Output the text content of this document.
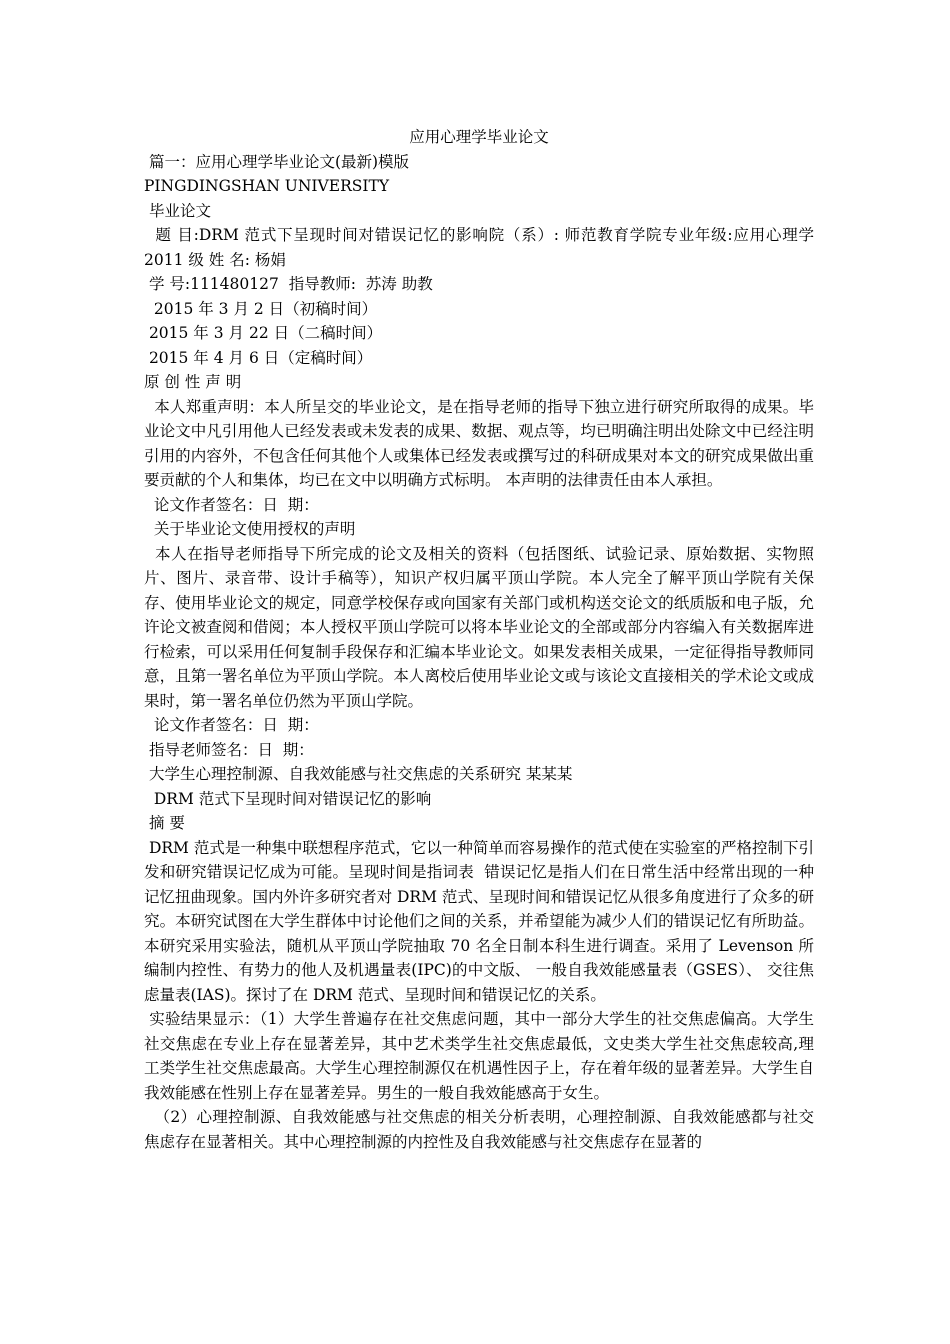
应用心理学毕业论文

篇一：应用心理学毕业论文(最新)模版

PINGDINGSHAN UNIVERSITY

毕业论文

题 目:DRM 范式下呈现时间对错误记忆的影响院（系）: 师范教育学院专业年级:应用心理学 2011 级 姓 名: 杨娟

学 号:111480127  指导教师:  苏涛 助教

2015 年 3 月 2 日（初稿时间）

2015 年 3 月 22 日（二稿时间）

2015 年 4 月 6 日（定稿时间）

原 创 性 声 明

本人郑重声明：本人所呈交的毕业论文，是在指导老师的指导下独立进行研究所取得的成果。毕业论文中凡引用他人已经发表或未发表的成果、数据、观点等，均已明确注明出处除文中已经注明引用的内容外，不包含任何其他个人或集体已经发表或撰写过的科研成果对本文的研究成果做出重要贡献的个人和集体，均已在文中以明确方式标明。 本声明的法律责任由本人承担。

论文作者签名：日  期：

关于毕业论文使用授权的声明

本人在指导老师指导下所完成的论文及相关的资料（包括图纸、试验记录、原始数据、实物照片、图片、录音带、设计手稿等），知识产权归属平顶山学院。本人完全了解平顶山学院有关保存、使用毕业论文的规定，同意学校保存或向国家有关部门或机构送交论文的纸质版和电子版，允许论文被查阅和借阅；本人授权平顶山学院可以将本毕业论文的全部或部分内容编入有关数据库进行检索，可以采用任何复制手段保存和汇编本毕业论文。如果发表相关成果，一定征得指导教师同意，且第一署名单位为平顶山学院。本人离校后使用毕业论文或与该论文直接相关的学术论文或成果时，第一署名单位仍然为平顶山学院。

论文作者签名：日  期：

指导老师签名：日  期：

大学生心理控制源、自我效能感与社交焦虑的关系研究 某某某

DRM 范式下呈现时间对错误记忆的影响

摘 要

DRM 范式是一种集中联想程序范式，它以一种简单而容易操作的范式使在实验室的严格控制下引发和研究错误记忆成为可能。呈现时间是指词表  错误记忆是指人们在日常生活中经常出现的一种记忆扭曲现象。国内外许多研究者对 DRM 范式、呈现时间和错误记忆从很多角度进行了众多的研究。本研究试图在大学生群体中讨论他们之间的关系，并希望能为减少人们的错误记忆有所助益。  本研究采用实验法，随机从平顶山学院抽取 70 名全日制本科生进行调查。采用了 Levenson 所编制内控性、有势力的他人及机遇量表(IPC)的中文版、 一般自我效能感量表（GSES）、 交往焦虑量表(IAS)。探讨了在 DRM 范式、呈现时间和错误记忆的关系。

实验结果显示：（1）大学生普遍存在社交焦虑问题，其中一部分大学生的社交焦虑偏高。大学生社交焦虑在专业上存在显著差异，其中艺术类学生社交焦虑最低，文史类大学生社交焦虑较高,理工类学生社交焦虑最高。大学生心理控制源仅在机遇性因子上，存在着年级的显著差异。大学生自我效能感在性别上存在显著差异。男生的一般自我效能感高于女生。

（2）心理控制源、自我效能感与社交焦虑的相关分析表明，心理控制源、自我效能感都与社交焦虑存在显著相关。其中心理控制源的内控性及自我效能感与社交焦虑存在显著的
